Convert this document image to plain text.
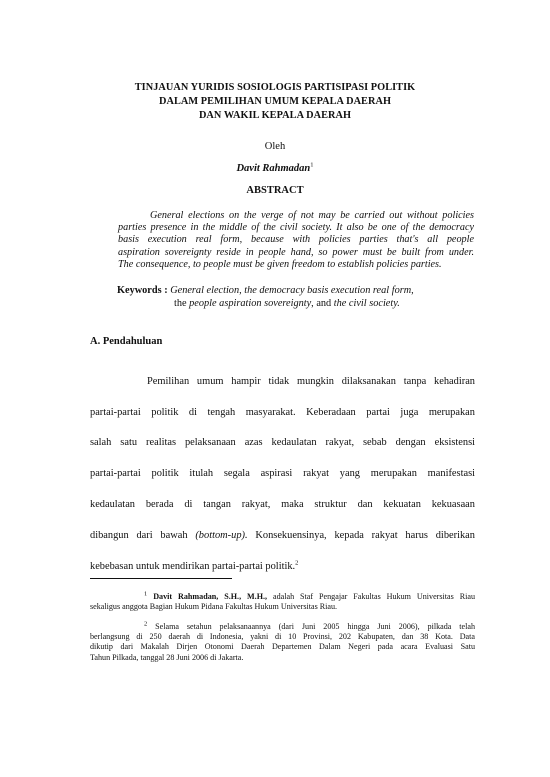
TINJAUAN YURIDIS SOSIOLOGIS PARTISIPASI POLITIK
DALAM PEMILIHAN UMUM KEPALA DAERAH
DAN WAKIL KEPALA DAERAH
Oleh
Davit Rahmadan$^1$
ABSTRACT
General elections on the verge of not may be carried out without policies
parties presence in the middle of the civil society. It also be one of the democracy
basis execution real form, because with policies parties that's all people
aspiration sovereignty reside in people hand, so power must be built from under.
The consequence, to people must be given freedom to establish policies parties.
Keywords : General election, the democracy basis execution real form,
the people aspiration sovereignty, and the civil society.
A. Pendahuluan
Pemilihan umum hampir tidak mungkin dilaksanakan tanpa kehadiran
partai-partai politik di tengah masyarakat. Keberadaan partai juga merupakan
salah satu realitas pelaksanaan azas kedaulatan rakyat, sebab dengan eksistensi
partai-partai politik itulah segala aspirasi rakyat yang merupakan manifestasi
kedaulatan berada di tangan rakyat, maka struktur dan kekuatan kekuasaan
dibangun dari bawah (bottom-up). Konsekuensinya, kepada rakyat harus diberikan
kebebasan untuk mendirikan partai-partai politik.$^2$
$^1$ Davit Rahmadan, S.H., M.H., adalah Staf Pengajar Fakultas Hukum Universitas Riau
sekaligus anggota Bagian Hukum Pidana Fakultas Hukum Universitas Riau.
$^2$ Selama setahun pelaksanaannya (dari Juni 2005 hingga Juni 2006), pilkada telah
berlangsung di 250 daerah di Indonesia, yakni di 10 Provinsi, 202 Kabupaten, dan 38 Kota. Data
dikutip dari Makalah Dirjen Otonomi Daerah Departemen Dalam Negeri pada acara Evaluasi Satu
Tahun Pilkada, tanggal 28 Juni 2006 di Jakarta.
